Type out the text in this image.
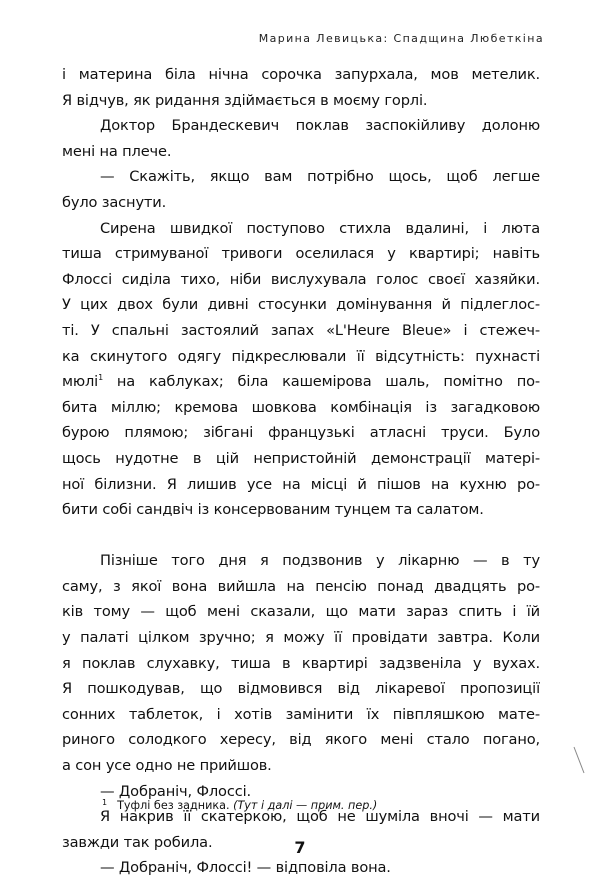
Марина Левицька: Спадщина Любеткіна
і материна біла нічна сорочка запурхала, мов метелик.
Я відчув, як ридання здіймається в моєму горлі.
Доктор Брандескевич поклав заспокійливу долоню
мені на плече.
— Скажіть, якщо вам потрібно щось, щоб легше
було заснути.
Сирена швидкої поступово стихла вдалині, і люта
тиша стримуваної тривоги оселилася у квартирі; навіть
Флоссі сиділа тихо, ніби вислухувала голос своєї хазяйки.
У цих двох були дивні стосунки домінування й підлеглос-
ті. У спальні застоялий запах «L'Heure Bleue» і стежеч-
ка скинутого одягу підкреслювали її відсутність: пухнасті
мюлі$^1$ на каблуках; біла кашемірова шаль, помітно по-
бита міллю; кремова шовкова комбінація із загадковою
бурою плямою; зібгані французькі атласні труси. Було
щось нудотне в цій непристойній демонстрації матері-
ної білизни. Я лишив усе на місці й пішов на кухню ро-
бити собі сандвіч із консервованим тунцем та салатом.
Пізніше того дня я подзвонив у лікарню — в ту
саму, з якої вона вийшла на пенсію понад двадцять ро-
ків тому — щоб мені сказали, що мати зараз спить і їй
у палаті цілком зручно; я можу її провідати завтра. Коли
я поклав слухавку, тиша в квартирі задзвеніла у вухах.
Я пошкодував, що відмовився від лікаревої пропозиції
сонних таблеток, і хотів замінити їх півпляшкою мате-
риного солодкого хересу, від якого мені стало погано,
а сон усе одно не прийшов.
— Добраніч, Флоссі.
Я накрив її скатеркою, щоб не шуміла вночі — мати
завжди так робила.
— Добраніч, Флоссі! — відповіла вона.
$^1$ Туфлі без задника. (Тут і далі — прим. пер.)
7
